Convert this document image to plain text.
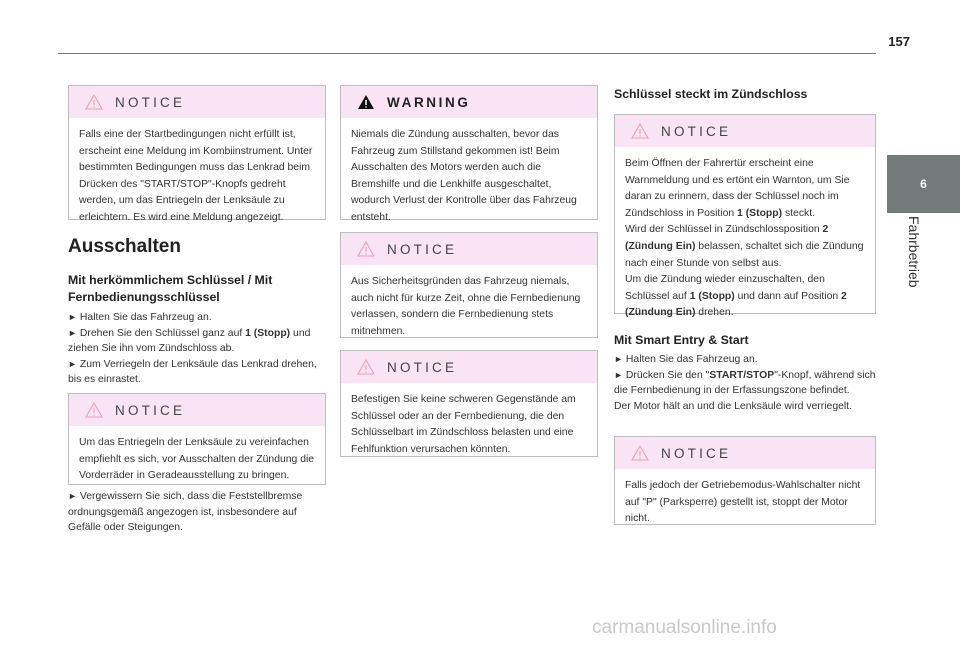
157
6
Fahrbetrieb
NOTICE
Falls eine der Startbedingungen nicht erfüllt ist, erscheint eine Meldung im Kombiinstrument. Unter bestimmten Bedingungen muss das Lenkrad beim Drücken des "START/STOP"-Knopfs gedreht werden, um das Entriegeln der Lenksäule zu erleichtern. Es wird eine Meldung angezeigt.
Ausschalten
Mit herkömmlichem Schlüssel / Mit Fernbedienungsschlüssel
► Halten Sie das Fahrzeug an.
► Drehen Sie den Schlüssel ganz auf 1 (Stopp) und ziehen Sie ihn vom Zündschloss ab.
► Zum Verriegeln der Lenksäule das Lenkrad drehen, bis es einrastet.
NOTICE
Um das Entriegeln der Lenksäule zu vereinfachen empfiehlt es sich, vor Ausschalten der Zündung die Vorderräder in Geradeausstellung zu bringen.
► Vergewissern Sie sich, dass die Feststellbremse ordnungsgemäß angezogen ist, insbesondere auf Gefälle oder Steigungen.
WARNING
Niemals die Zündung ausschalten, bevor das Fahrzeug zum Stillstand gekommen ist! Beim Ausschalten des Motors werden auch die Bremshilfe und die Lenkhilfe ausgeschaltet, wodurch Verlust der Kontrolle über das Fahrzeug entsteht.
NOTICE
Aus Sicherheitsgründen das Fahrzeug niemals, auch nicht für kurze Zeit, ohne die Fernbedienung verlassen, sondern die Fernbedienung stets mitnehmen.
NOTICE
Befestigen Sie keine schweren Gegenstände am Schlüssel oder an der Fernbedienung, die den Schlüsselbart im Zündschloss belasten und eine Fehlfunktion verursachen könnten.
Schlüssel steckt im Zündschloss
NOTICE
Beim Öffnen der Fahrertür erscheint eine Warnmeldung und es ertönt ein Warnton, um Sie daran zu erinnern, dass der Schlüssel noch im Zündschloss in Position 1 (Stopp) steckt.
Wird der Schlüssel in Zündschlossposition 2 (Zündung Ein) belassen, schaltet sich die Zündung nach einer Stunde von selbst aus.
Um die Zündung wieder einzuschalten, den Schlüssel auf 1 (Stopp) und dann auf Position 2 (Zündung Ein) drehen.
Mit Smart Entry & Start
► Halten Sie das Fahrzeug an.
► Drücken Sie den "START/STOP"-Knopf, während sich die Fernbedienung in der Erfassungszone befindet.
Der Motor hält an und die Lenksäule wird verriegelt.
NOTICE
Falls jedoch der Getriebemodus-Wahlschalter nicht auf "P" (Parksperre) gestellt ist, stoppt der Motor nicht.
carmanualsonline.info
